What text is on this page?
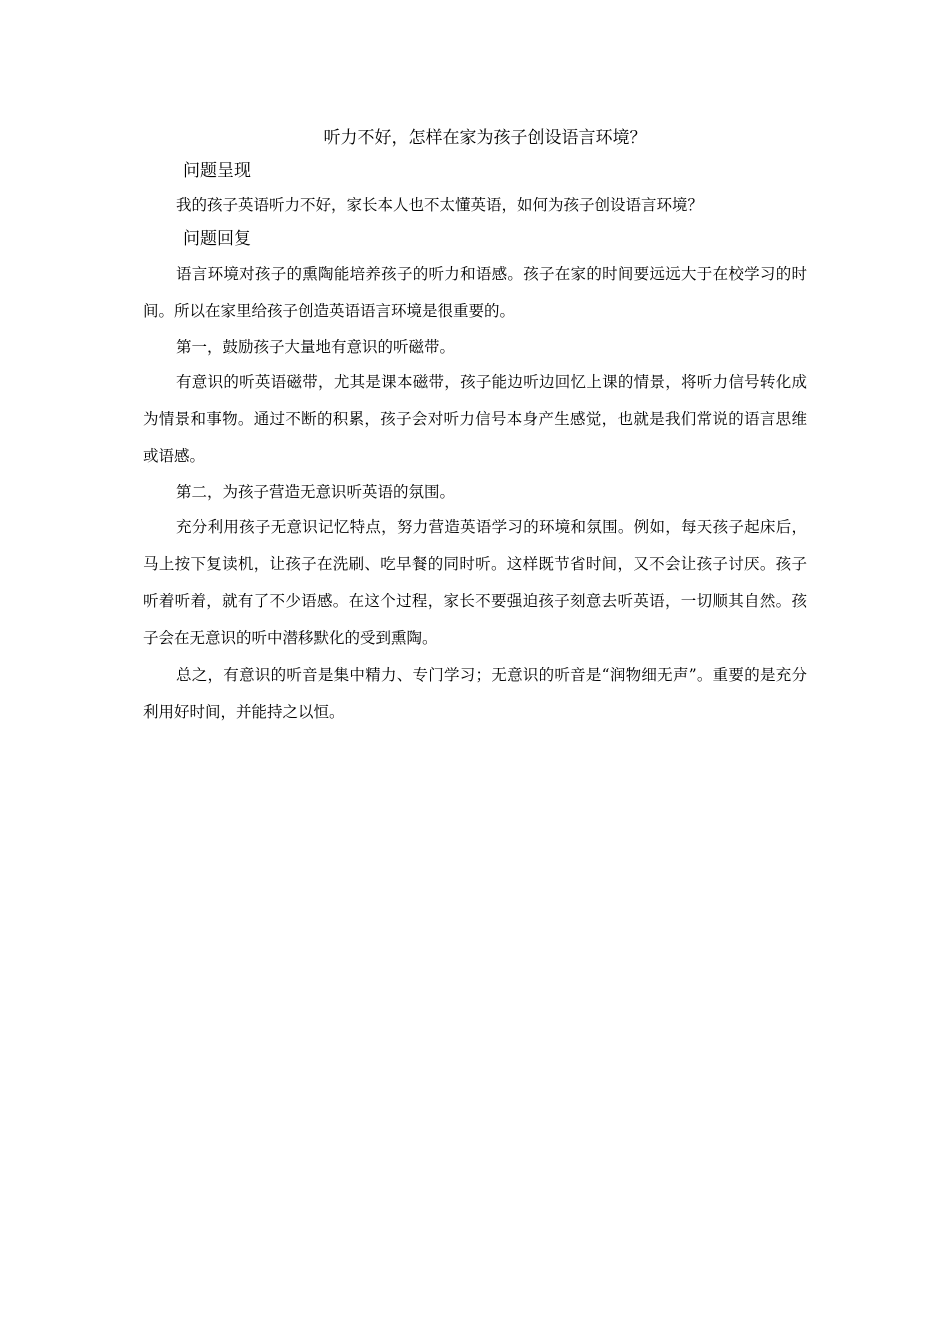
听力不好，怎样在家为孩子创设语言环境？
问题呈现

我的孩子英语听力不好，家长本人也不太懂英语，如何为孩子创设语言环境？

问题回复

语言环境对孩子的熏陶能培养孩子的听力和语感。孩子在家的时间要远远大于在校学习的时间。所以在家里给孩子创造英语语言环境是很重要的。

第一，鼓励孩子大量地有意识的听磁带。

有意识的听英语磁带，尤其是课本磁带，孩子能边听边回忆上课的情景，将听力信号转化成为情景和事物。通过不断的积累，孩子会对听力信号本身产生感觉，也就是我们常说的语言思维或语感。

第二，为孩子营造无意识听英语的氛围。

充分利用孩子无意识记忆特点，努力营造英语学习的环境和氛围。例如，每天孩子起床后，马上按下复读机，让孩子在洗刷、吃早餐的同时听。这样既节省时间，又不会让孩子讨厌。孩子听着听着，就有了不少语感。在这个过程，家长不要强迫孩子刻意去听英语，一切顺其自然。孩子会在无意识的听中潜移默化的受到熏陶。

总之，有意识的听音是集中精力、专门学习；无意识的听音是“润物细无声”。重要的是充分利用好时间，并能持之以恒。
